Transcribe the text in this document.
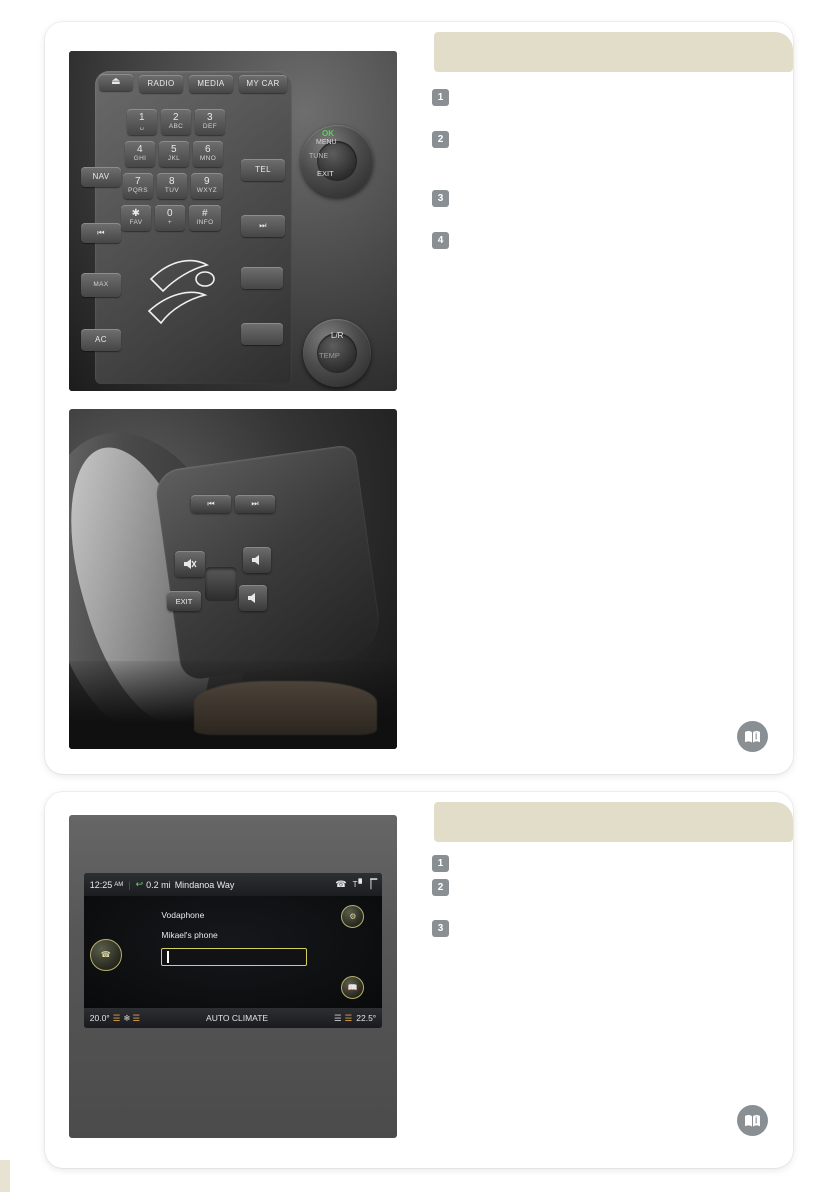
⏏	RADIO	MEDIA	MY CAR
NAV
TEL
⏮
⏭
1
␣
2
ABC
3
DEF
4
GHI
5
JKL
6
MNO
7
PQRS
8
TUV
9
WXYZ
✱
FAV
0
+
#
INFO
MAX
AC
OK
MENU
TUNE
EXIT
L/R
TEMP
⏮	⏭
EXIT
1
2
3
4
12:25 AM | ↩ 0.2 mi Mindanoa Way	☎ T ▘▕▔
☎
⚙
📖
Vodaphone
Mikael's phone
20.0° ☰ ❄ ☰	AUTO CLIMATE	☰ ☰ 22.5°
1
2
3
